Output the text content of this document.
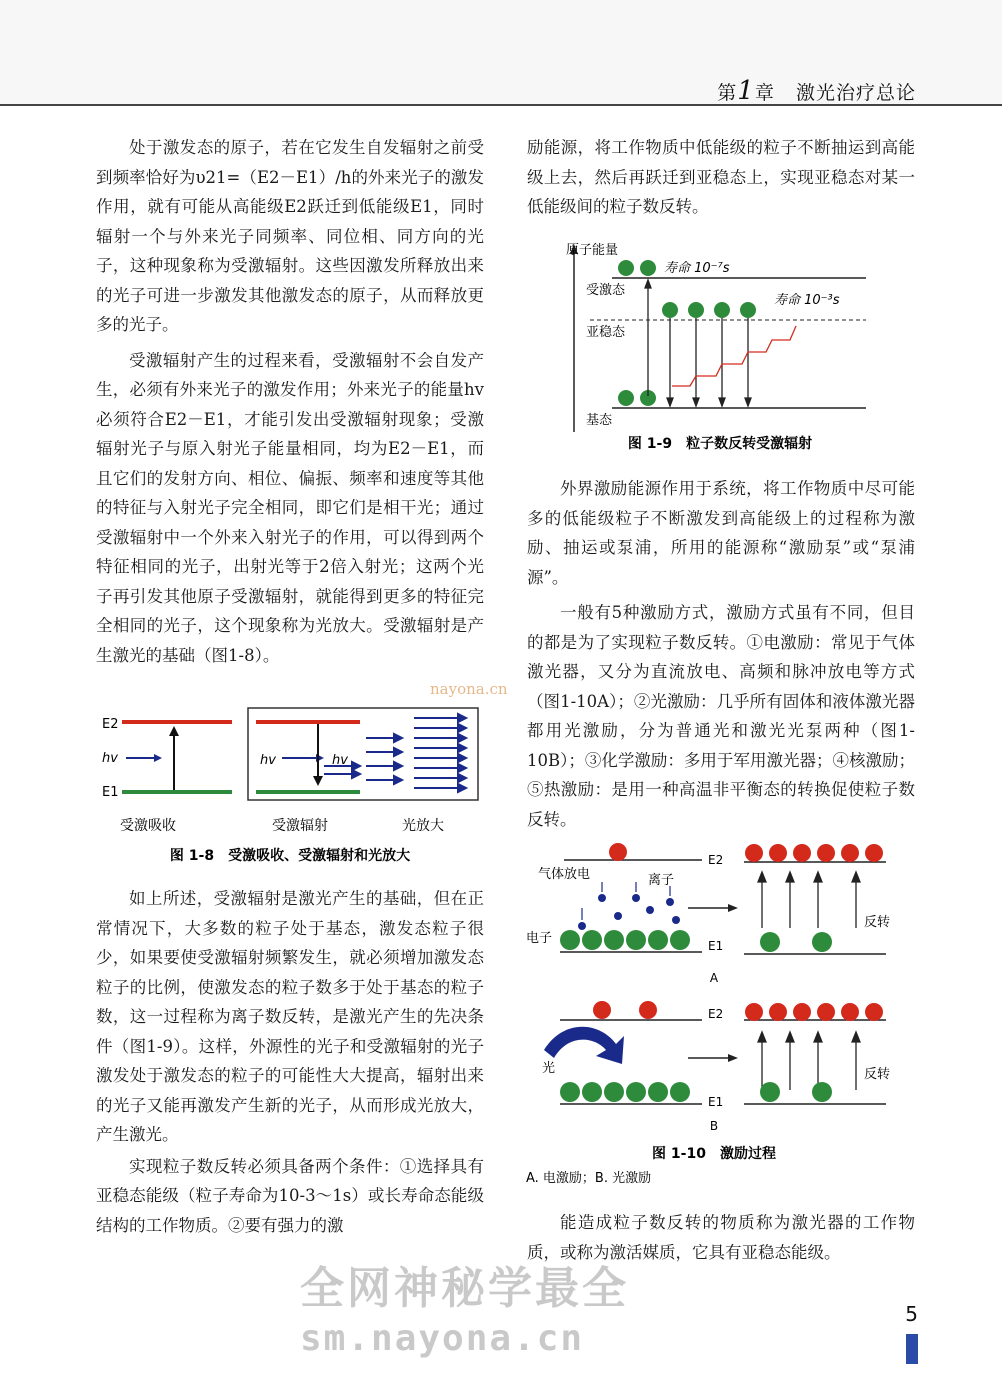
第1章 激光治疗总论

处于激发态的原子，若在它发生自发辐射之前受到频率恰好为υ21=（E2－E1）/h的外来光子的激发作用，就有可能从高能级E2跃迁到低能级E1，同时辐射一个与外来光子同频率、同位相、同方向的光子，这种现象称为受激辐射。这些因激发所释放出来的光子可进一步激发其他激发态的原子，从而释放更多的光子。

受激辐射产生的过程来看，受激辐射不会自发产生，必须有外来光子的激发作用；外来光子的能量hv必须符合E2－E1，才能引发出受激辐射现象；受激辐射光子与原入射光子能量相同，均为E2－E1，而且它们的发射方向、相位、偏振、频率和速度等其他的特征与入射光子完全相同，即它们是相干光；通过受激辐射中一个外来入射光子的作用，可以得到两个特征相同的光子，出射光等于2倍入射光；这两个光子再引发其他原子受激辐射，就能得到更多的特征完全相同的光子，这个现象称为光放大。受激辐射是产生激光的基础（图1-8）。

E2
E1
hv	hv	hv
受激吸收	受激辐射	光放大
图 1-8　受激吸收、受激辐射和光放大

如上所述，受激辐射是激光产生的基础，但在正常情况下，大多数的粒子处于基态，激发态粒子很少，如果要使受激辐射频繁发生，就必须增加激发态粒子的比例，使激发态的粒子数多于处于基态的粒子数，这一过程称为离子数反转，是激光产生的先决条件（图1-9）。这样，外源性的光子和受激辐射的光子激发处于激发态的粒子的可能性大大提高，辐射出来的光子又能再激发产生新的光子，从而形成光放大，产生激光。

实现粒子数反转必须具备两个条件：①选择具有亚稳态能级（粒子寿命为10-3～1s）或长寿命态能级结构的工作物质。②要有强力的激

励能源，将工作物质中低能级的粒子不断抽运到高能级上去，然后再跃迁到亚稳态上，实现亚稳态对某一低能级间的粒子数反转。

原子能量
受激态
亚稳态
基态
寿命 10⁻⁷s
寿命 10⁻³s
图 1-9　粒子数反转受激辐射

外界激励能源作用于系统，将工作物质中尽可能多的低能级粒子不断激发到高能级上的过程称为激励、抽运或泵浦，所用的能源称“激励泵”或“泵浦源”。

一般有5种激励方式，激励方式虽有不同，但目的都是为了实现粒子数反转。①电激励：常见于气体激光器，又分为直流放电、高频和脉冲放电等方式（图1-10A）；②光激励：几乎所有固体和液体激光器都用光激励，分为普通光和激光光泵两种（图1-10B）；③化学激励：多用于军用激光器；④核激励；⑤热激励：是用一种高温非平衡态的转换促使粒子数反转。

E2
气体放电	离子
电子	E1
反转
A
E2
光
E1
反转
B
图 1-10　激励过程
A. 电激励；B. 光激励

能造成粒子数反转的物质称为激光器的工作物质，或称为激活媒质，它具有亚稳态能级。

nayona.cn
全网神秘学最全
sm.nayona.cn
5
